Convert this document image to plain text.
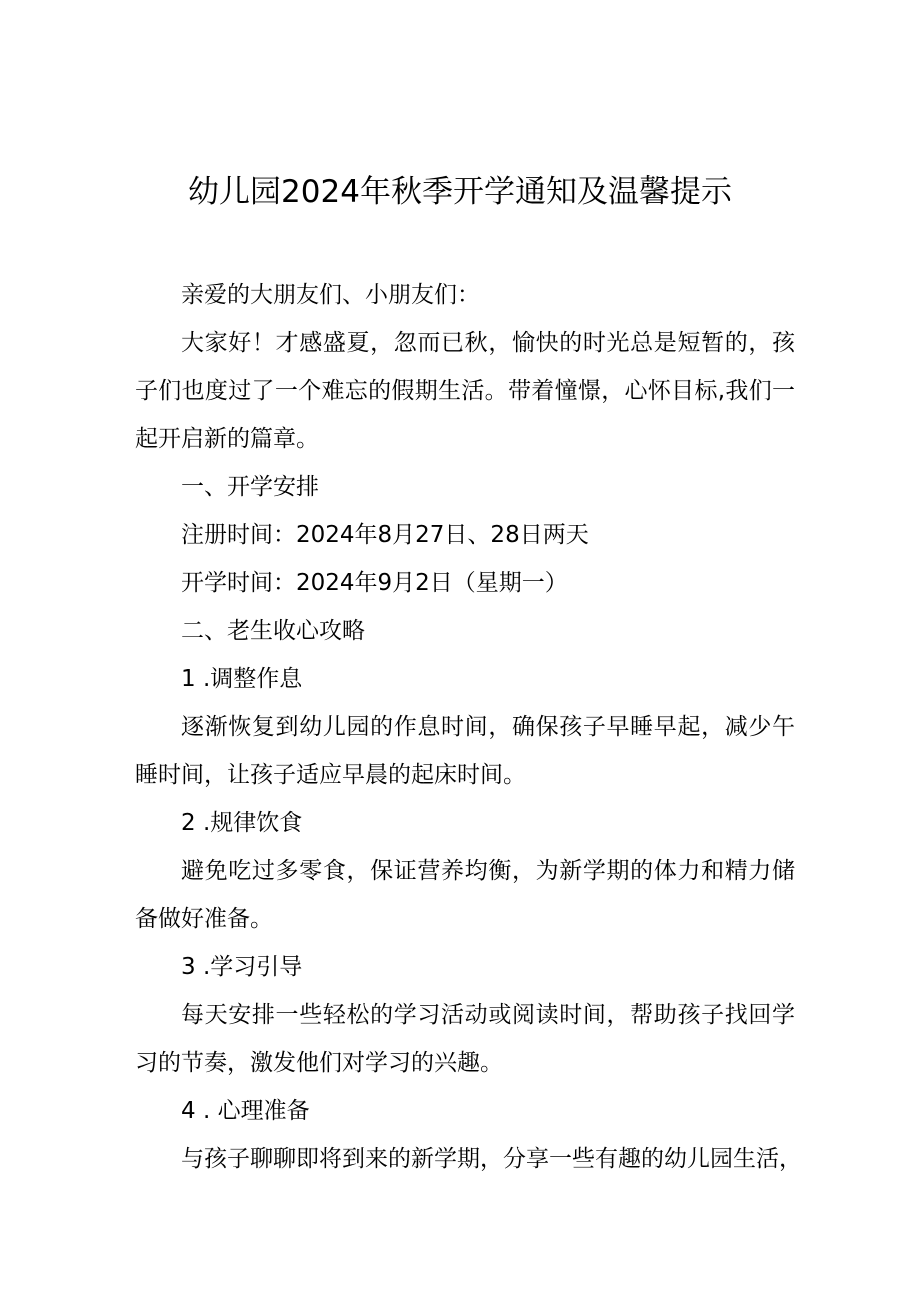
幼儿园2024年秋季开学通知及温馨提示

亲爱的大朋友们、小朋友们：

大家好！才感盛夏，忽而已秋，愉快的时光总是短暂的，孩子们也度过了一个难忘的假期生活。带着憧憬，心怀目标,我们一起开启新的篇章。

一、开学安排

注册时间：2024年8月27日、28日两天

开学时间：2024年9月2日（星期一）

二、老生收心攻略

1 .调整作息

逐渐恢复到幼儿园的作息时间，确保孩子早睡早起，减少午睡时间，让孩子适应早晨的起床时间。

2 .规律饮食

避免吃过多零食，保证营养均衡，为新学期的体力和精力储备做好准备。

3 .学习引导

每天安排一些轻松的学习活动或阅读时间，帮助孩子找回学习的节奏，激发他们对学习的兴趣。

4 . 心理准备

与孩子聊聊即将到来的新学期，分享一些有趣的幼儿园生活，
